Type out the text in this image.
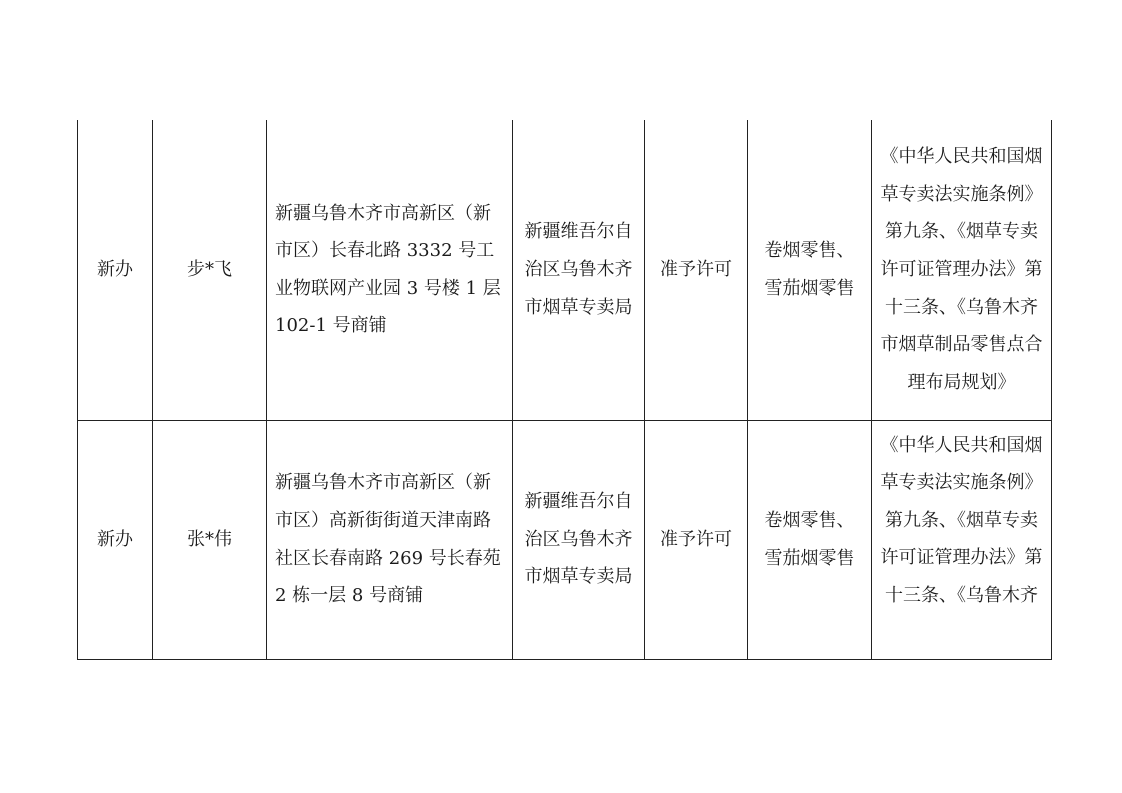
新办	步*飞	新疆乌鲁木齐市高新区（新市区）长春北路 3332 号工业物联网产业园 3 号楼 1 层 102-1 号商铺	新疆维吾尔自治区乌鲁木齐市烟草专卖局	准予许可	卷烟零售、雪茄烟零售	《中华人民共和国烟草专卖法实施条例》第九条、《烟草专卖许可证管理办法》第十三条、《乌鲁木齐市烟草制品零售点合理布局规划》
新办	张*伟	新疆乌鲁木齐市高新区（新市区）高新街街道天津南路社区长春南路 269 号长春苑 2 栋一层 8 号商铺	新疆维吾尔自治区乌鲁木齐市烟草专卖局	准予许可	卷烟零售、雪茄烟零售	《中华人民共和国烟草专卖法实施条例》第九条、《烟草专卖许可证管理办法》第十三条、《乌鲁木齐
